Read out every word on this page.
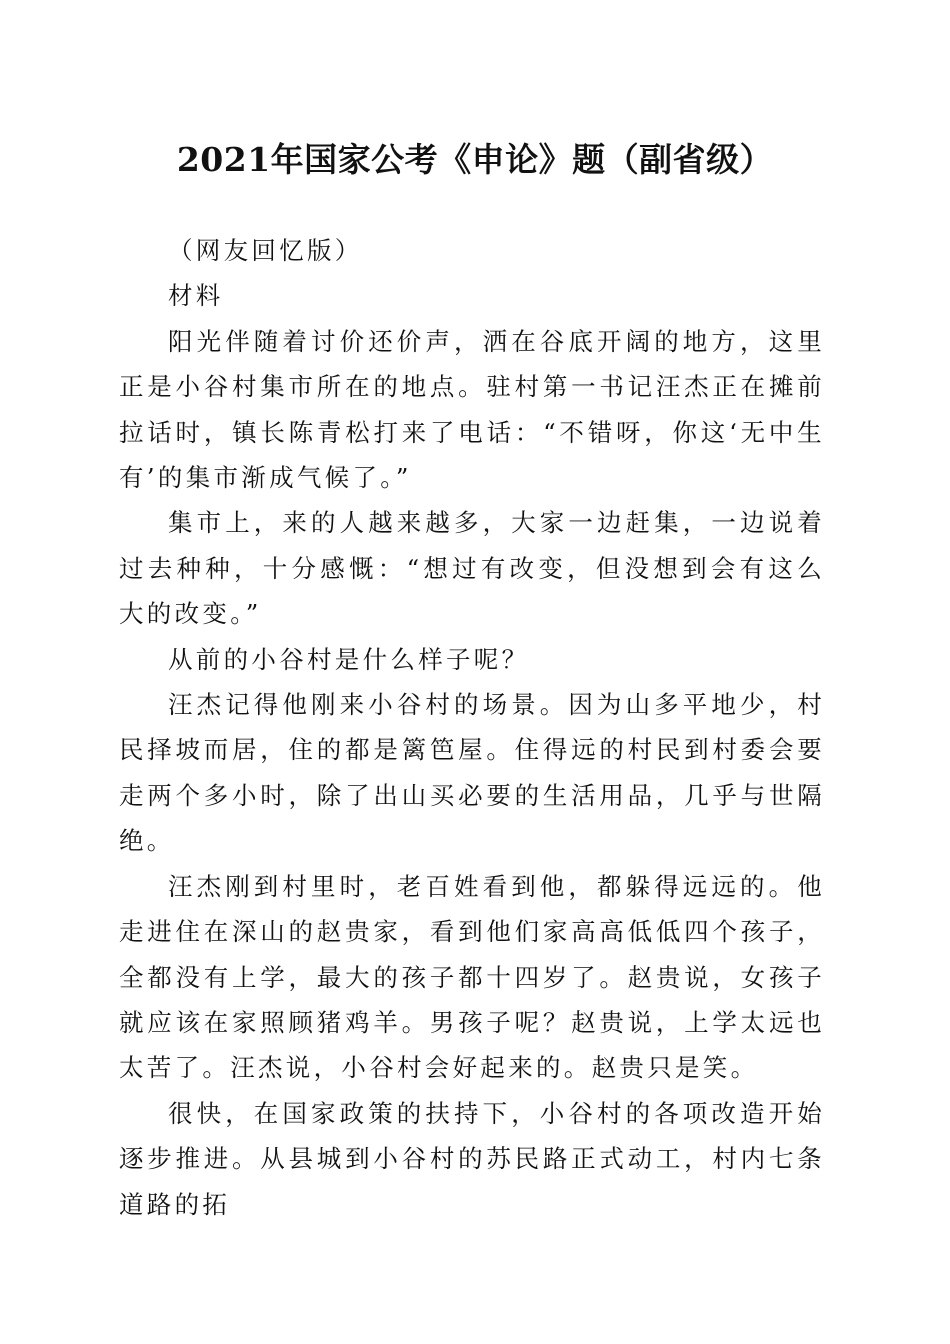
2021年国家公考《申论》题（副省级）

（网友回忆版）

材料

阳光伴随着讨价还价声，洒在谷底开阔的地方，这里正是小谷村集市所在的地点。驻村第一书记汪杰正在摊前拉话时，镇长陈青松打来了电话：“不错呀，你这‘无中生有’的集市渐成气候了。”

集市上，来的人越来越多，大家一边赶集，一边说着过去种种，十分感慨：“想过有改变，但没想到会有这么大的改变。”

从前的小谷村是什么样子呢？

汪杰记得他刚来小谷村的场景。因为山多平地少，村民择坡而居，住的都是篱笆屋。住得远的村民到村委会要走两个多小时，除了出山买必要的生活用品，几乎与世隔绝。

汪杰刚到村里时，老百姓看到他，都躲得远远的。他走进住在深山的赵贵家，看到他们家高高低低四个孩子，全都没有上学，最大的孩子都十四岁了。赵贵说，女孩子就应该在家照顾猪鸡羊。男孩子呢？赵贵说，上学太远也太苦了。汪杰说，小谷村会好起来的。赵贵只是笑。

很快，在国家政策的扶持下，小谷村的各项改造开始逐步推进。从县城到小谷村的苏民路正式动工，村内七条道路的拓
